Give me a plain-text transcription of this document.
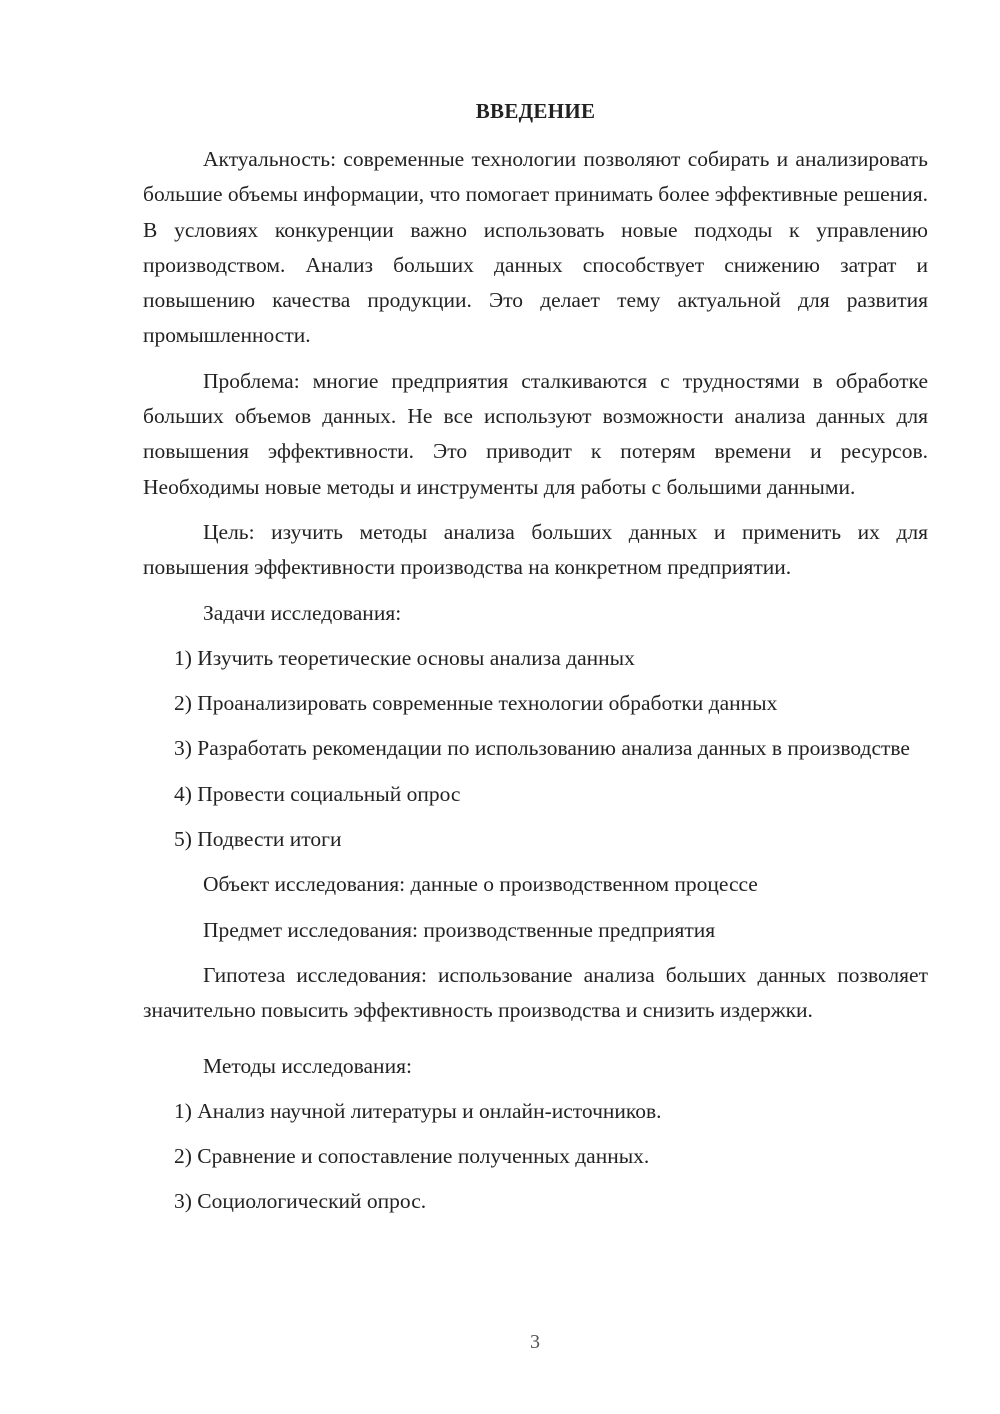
ВВЕДЕНИЕ

Актуальность: современные технологии позволяют собирать и анализировать большие объемы информации, что помогает принимать более эффективные решения. В условиях конкуренции важно использовать новые подходы к управлению производством. Анализ больших данных способствует снижению затрат и повышению качества продукции. Это делает тему актуальной для развития промышленности.

Проблема: многие предприятия сталкиваются с трудностями в обработке больших объемов данных. Не все используют возможности анализа данных для повышения эффективности. Это приводит к потерям времени и ресурсов. Необходимы новые методы и инструменты для работы с большими данными.

Цель: изучить методы анализа больших данных и применить их для повышения эффективности производства на конкретном предприятии.

Задачи исследования:

1) Изучить теоретические основы анализа данных

2) Проанализировать современные технологии обработки данных

3) Разработать рекомендации по использованию анализа данных в производстве

4) Провести социальный опрос

5) Подвести итоги

Объект исследования: данные о производственном процессе

Предмет исследования: производственные предприятия

Гипотеза исследования: использование анализа больших данных позволяет значительно повысить эффективность производства и снизить издержки.

Методы исследования:

1) Анализ научной литературы и онлайн-источников.

2) Сравнение и сопоставление полученных данных.

3) Социологический опрос.

3
